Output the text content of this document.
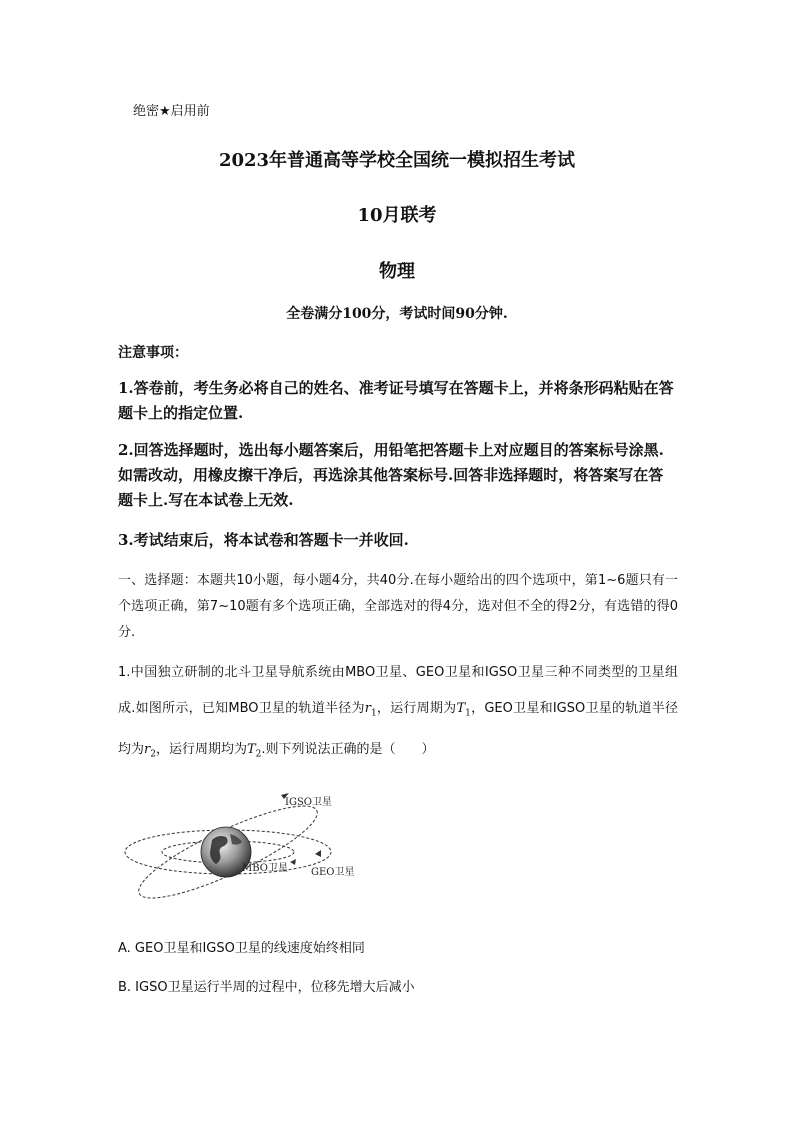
绝密★启用前
2023年普通高等学校全国统一模拟招生考试
10月联考
物理
全卷满分100分，考试时间90分钟.
注意事项：
1.答卷前，考生务必将自己的姓名、准考证号填写在答题卡上，并将条形码粘贴在答题卡上的指定位置.
2.回答选择题时，选出每小题答案后，用铅笔把答题卡上对应题目的答案标号涂黑.如需改动，用橡皮擦干净后，再选涂其他答案标号.回答非选择题时，将答案写在答题卡上.写在本试卷上无效.
3.考试结束后，将本试卷和答题卡一并收回.
一、选择题：本题共10小题，每小题4分，共40分.在每小题给出的四个选项中，第1~6题只有一个选项正确，第7~10题有多个选项正确，全部选对的得4分，选对但不全的得2分，有选错的得0分.
1.中国独立研制的北斗卫星导航系统由MBO卫星、GEO卫星和IGSO卫星三种不同类型的卫星组成.如图所示，已知MBO卫星的轨道半径为$r_1$，运行周期为$T_1$，GEO卫星和IGSO卫星的轨道半径均为$r_2$，运行周期均为$T_2$.则下列说法正确的是（　　）
IGSO卫星
MBO卫星 GEO卫星
A. GEO卫星和IGSO卫星的线速度始终相同
B. IGSO卫星运行半周的过程中，位移先增大后减小
